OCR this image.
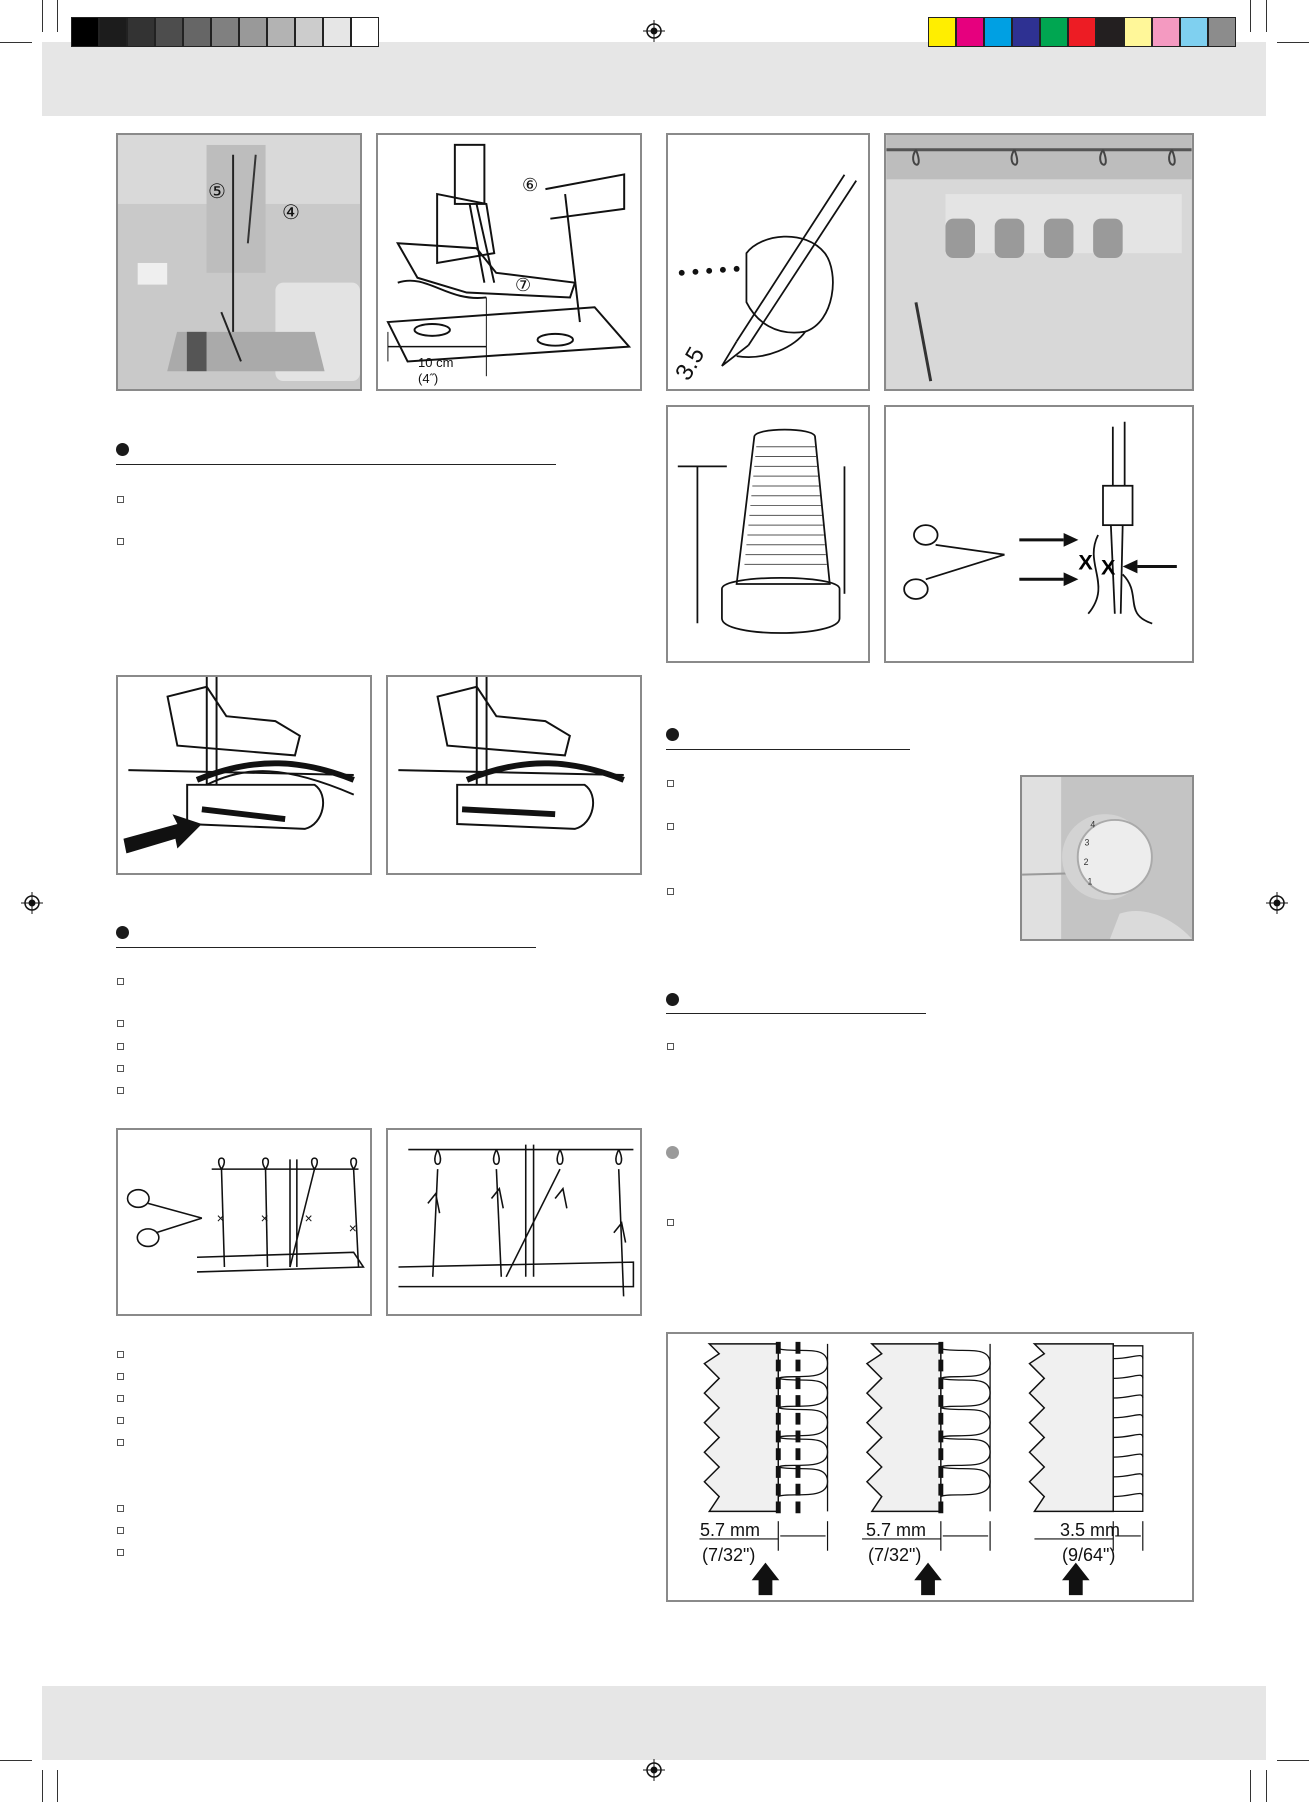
⑤
④
⑥
⑦
10 cm
(4˝)	3.5
X X
×	×	×
×
4
3
2
1
5.7 mm
(7/32")
5.7 mm
(7/32")
3.5 mm
(9/64")
